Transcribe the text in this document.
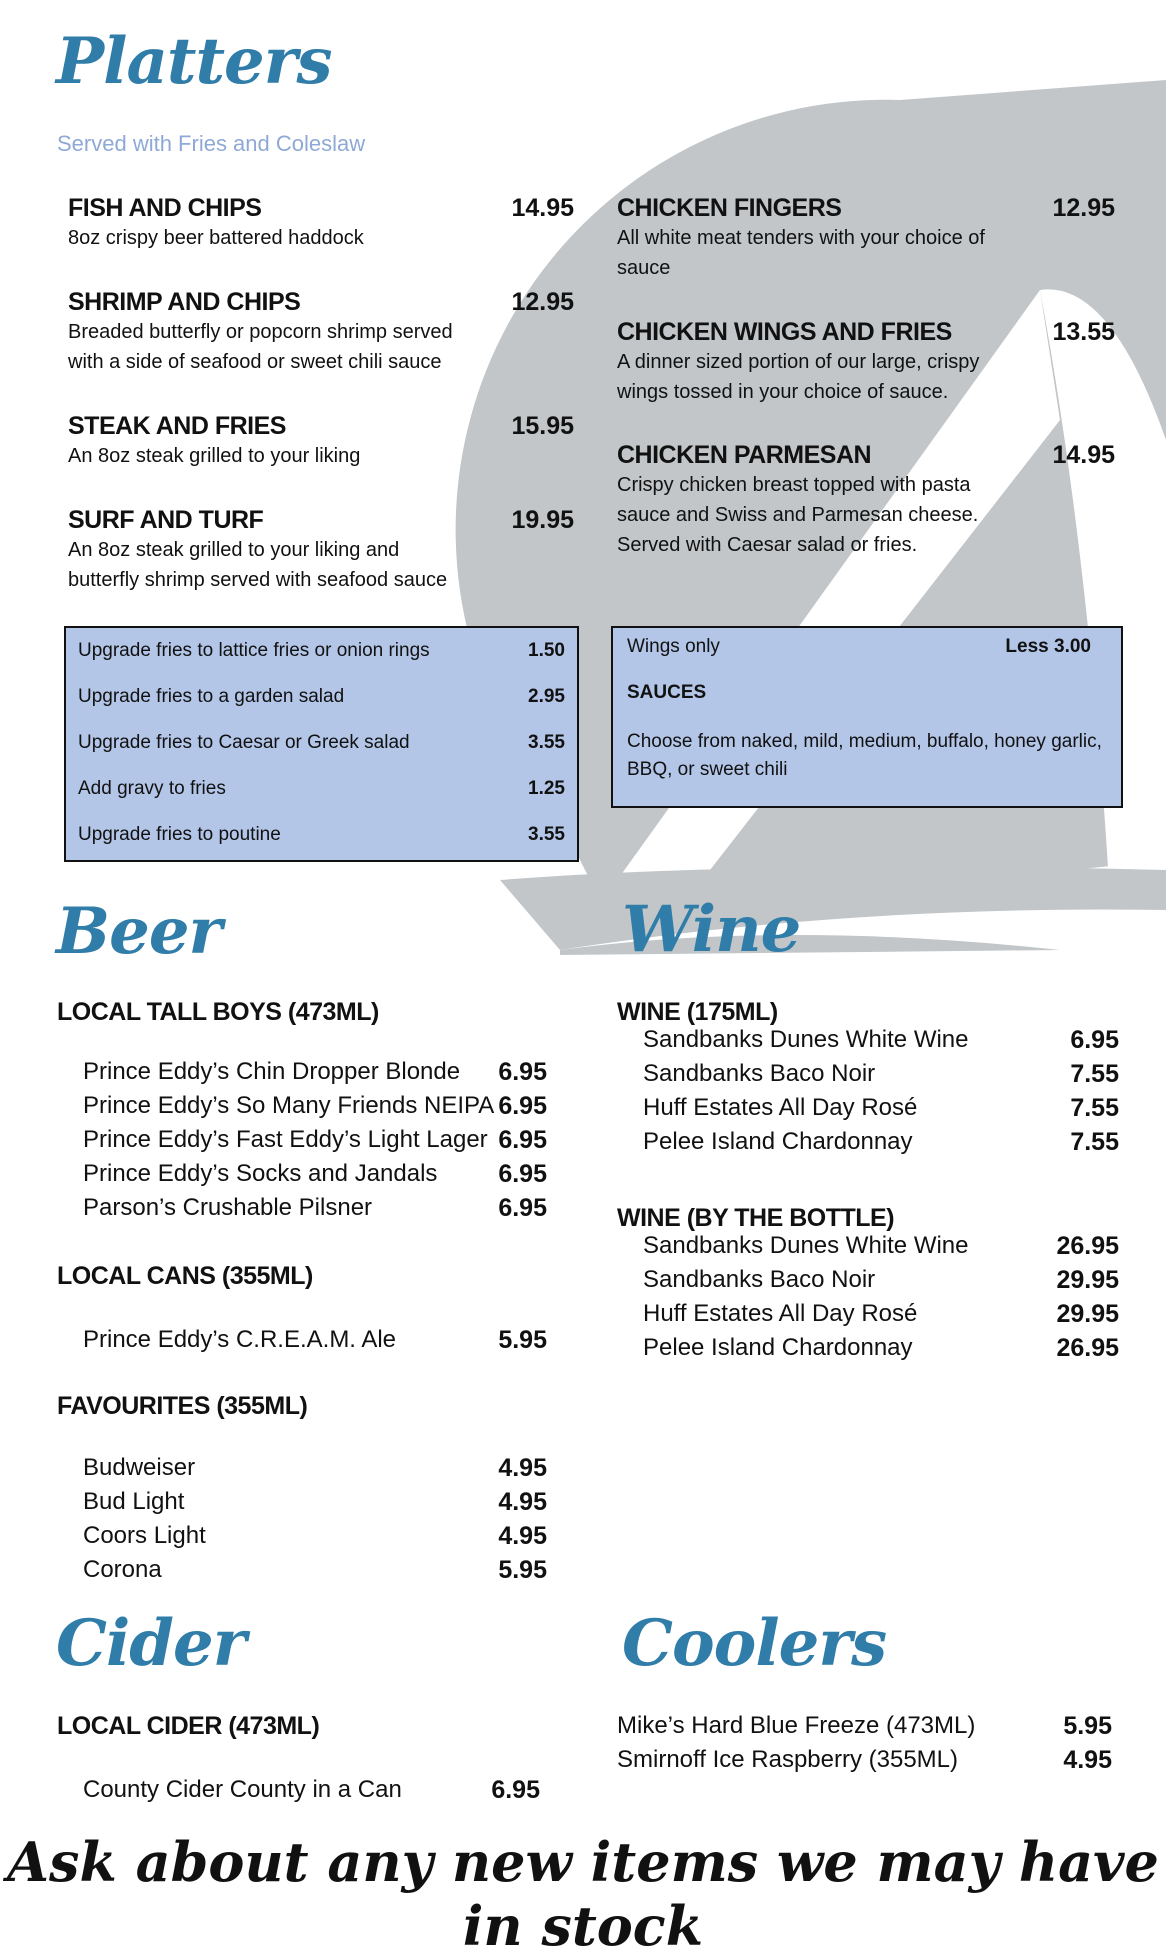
Platters
Served with Fries and Coleslaw
FISH AND CHIPS	14.95
8oz crispy beer battered haddock
SHRIMP AND CHIPS	12.95
Breaded butterfly or popcorn shrimp served
with a side of seafood or sweet chili sauce
STEAK AND FRIES	15.95
An 8oz steak grilled to your liking
SURF AND TURF	19.95
An 8oz steak grilled to your liking and
butterfly shrimp served with seafood sauce
CHICKEN FINGERS	12.95
All white meat tenders with your choice of
sauce
CHICKEN WINGS AND FRIES	13.55
A dinner sized portion of our large, crispy
wings tossed in your choice of sauce.
CHICKEN PARMESAN	14.95
Crispy chicken breast topped with pasta
sauce and Swiss and Parmesan cheese.
Served with Caesar salad or fries.
Upgrade fries to lattice fries or onion rings	1.50
Upgrade fries to a garden salad	2.95
Upgrade fries to Caesar or Greek salad	3.55
Add gravy to fries	1.25
Upgrade fries to poutine	3.55
Wings only	Less 3.00
SAUCES
Choose from naked, mild, medium, buffalo, honey garlic,
BBQ, or sweet chili
Beer
LOCAL TALL BOYS (473ML)
Prince Eddy’s Chin Dropper Blonde 6.95
Prince Eddy’s So Many Friends NEIPA 6.95
Prince Eddy’s Fast Eddy’s Light Lager 6.95
Prince Eddy’s Socks and Jandals 6.95
Parson’s Crushable Pilsner	6.95
LOCAL CANS (355ML)
Prince Eddy’s C.R.E.A.M. Ale	5.95
FAVOURITES (355ML)
Budweiser	4.95
Bud Light	4.95
Coors Light	4.95
Corona	5.95
Wine
WINE (175ML)
Sandbanks Dunes White Wine	6.95
Sandbanks Baco Noir	7.55
Huff Estates All Day Rosé	7.55
Pelee Island Chardonnay	7.55
WINE (BY THE BOTTLE)
Sandbanks Dunes White Wine	26.95
Sandbanks Baco Noir	29.95
Huff Estates All Day Rosé	29.95
Pelee Island Chardonnay	26.95
Cider
LOCAL CIDER (473ML)
County Cider County in a Can	6.95
Coolers
Mike’s Hard Blue Freeze (473ML)	5.95
Smirnoff Ice Raspberry (355ML)	4.95
Ask about any new items we may have in stock
